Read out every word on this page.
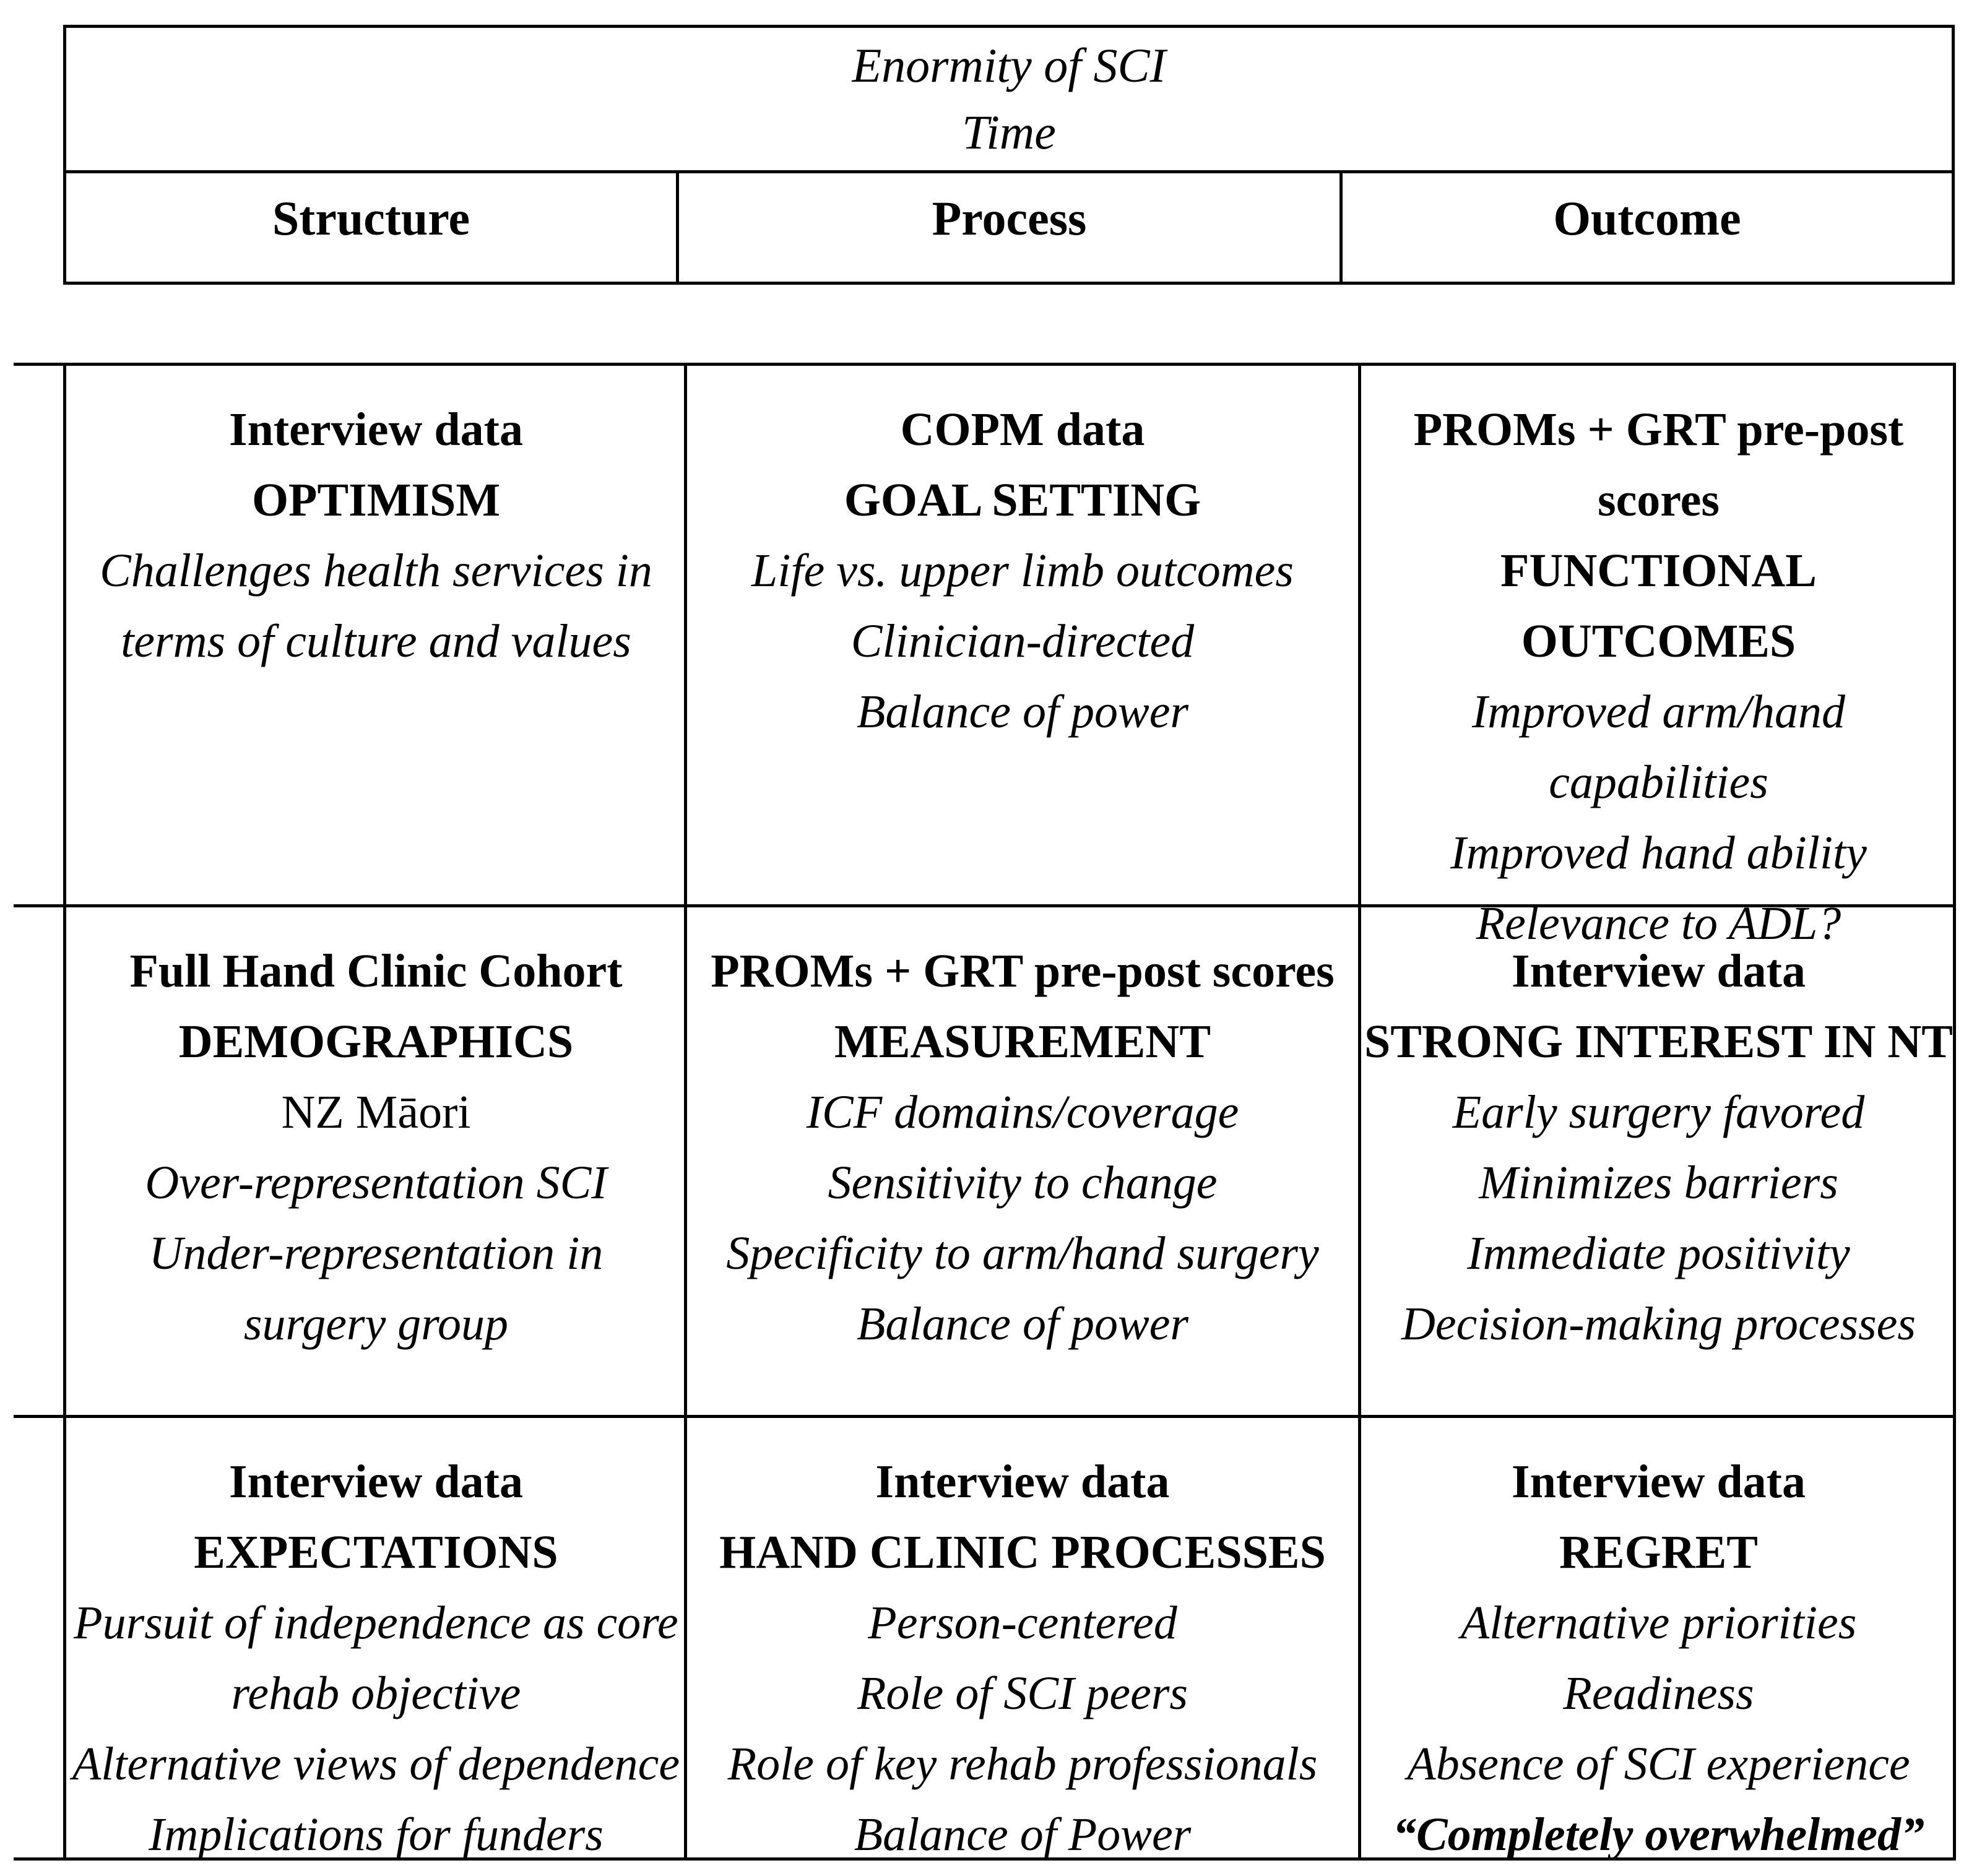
Enormity of SCI
Time
Structure	Process	Outcome
Interview data
OPTIMISM
Challenges health services in
terms of culture and values
COPM data
GOAL SETTING
Life vs. upper limb outcomes
Clinician-directed
Balance of power
PROMs + GRT pre-post
scores
FUNCTIONAL
OUTCOMES
Improved arm/hand capabilities
Improved hand ability
Relevance to ADL?
Full Hand Clinic Cohort
DEMOGRAPHICS
NZ Māori
Over-representation SCI
Under-representation in
surgery group
PROMs + GRT pre-post scores
MEASUREMENT
ICF domains/coverage
Sensitivity to change
Specificity to arm/hand surgery
Balance of power
Interview data
STRONG INTEREST IN NT
Early surgery favored
Minimizes barriers
Immediate positivity
Decision-making processes
Interview data
EXPECTATIONS
Pursuit of independence as core
rehab objective
Alternative views of dependence
Implications for funders
Interview data
HAND CLINIC PROCESSES
Person-centered
Role of SCI peers
Role of key rehab professionals
Balance of Power
Interview data
REGRET
Alternative priorities
Readiness
Absence of SCI experience
“Completely overwhelmed”
